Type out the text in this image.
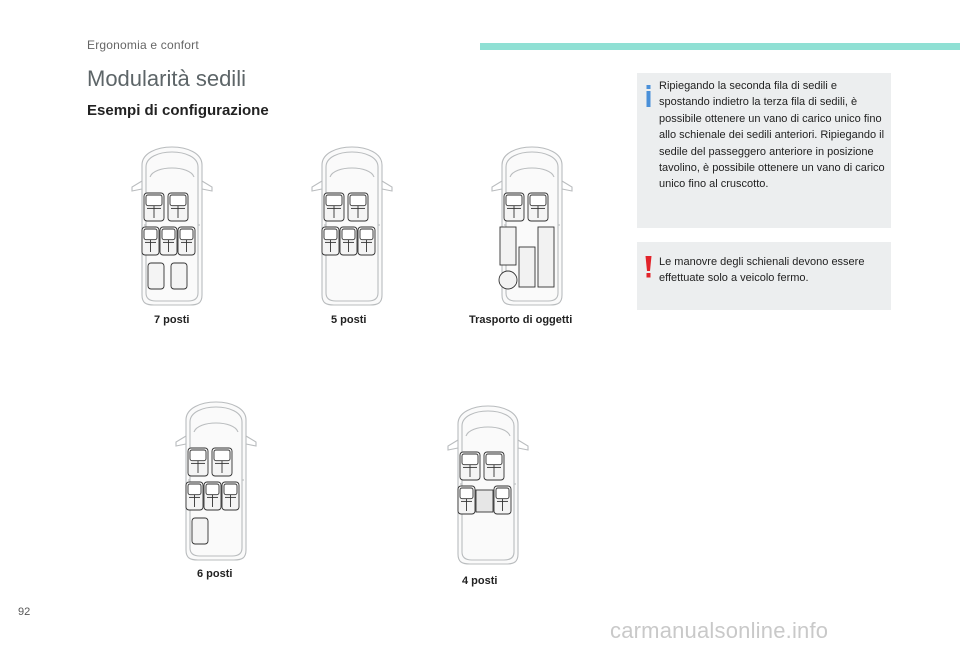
Ergonomia e confort
Modularità sedili
Esempi di configurazione
7 posti	5 posti	Trasporto di oggetti
6 posti
4 posti

Ripiegando la seconda fila di sedili e spostando indietro la terza fila di sedili, è possibile ottenere un vano di carico unico fino allo schienale dei sedili anteriori. Ripiegando il sedile del passeggero anteriore in posizione tavolino, è possibile ottenere un vano di carico unico fino al cruscotto.

Le manovre degli schienali devono essere effettuate solo a veicolo fermo.

92
carmanualsonline.info
